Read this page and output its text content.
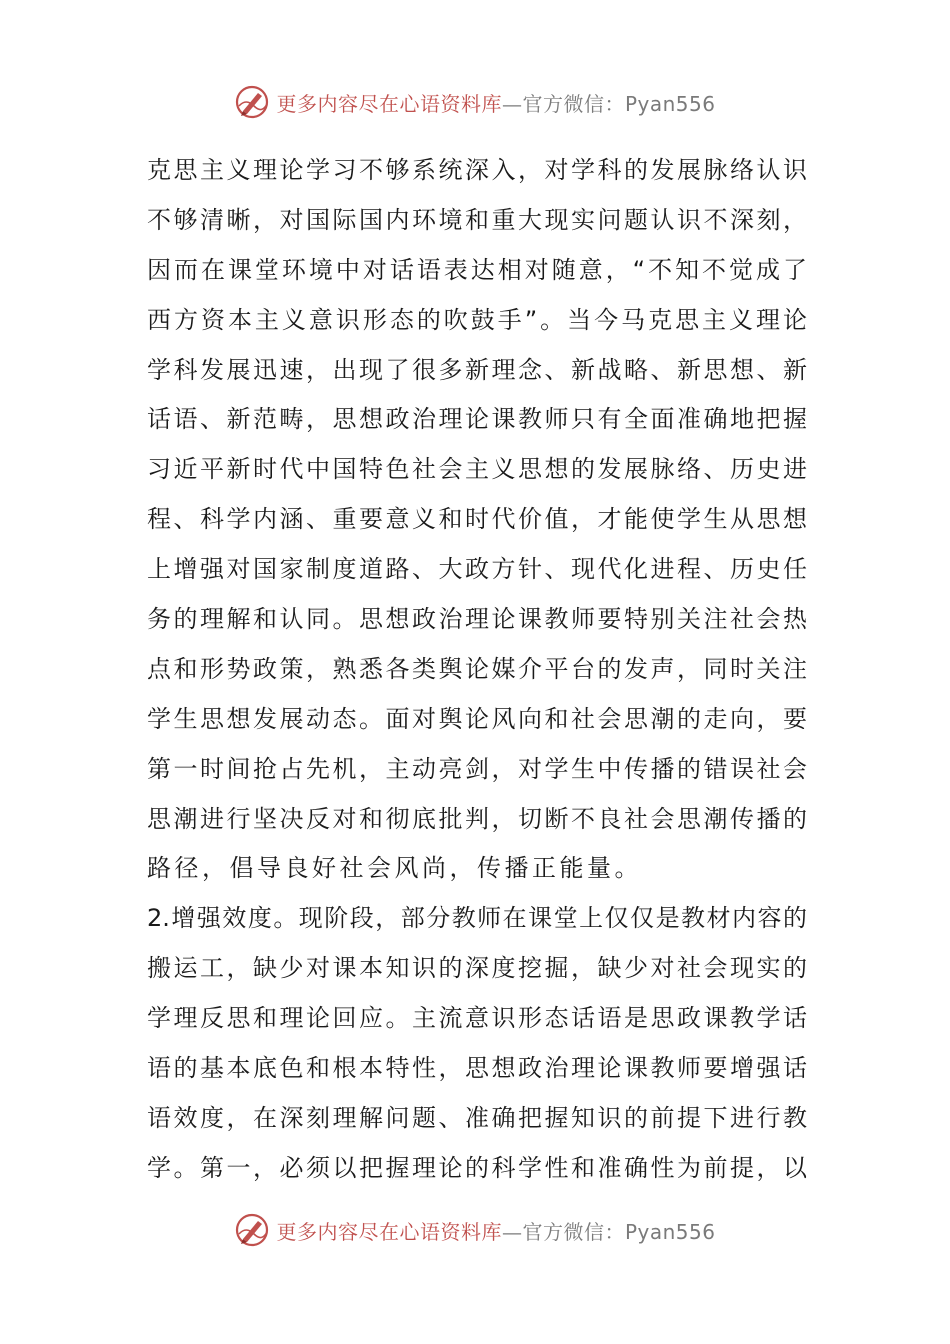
更多内容尽在心语资料库—官方微信：Pyan556
克思主义理论学习不够系统深入，对学科的发展脉络认识
不够清晰，对国际国内环境和重大现实问题认识不深刻，
因而在课堂环境中对话语表达相对随意，“不知不觉成了
西方资本主义意识形态的吹鼓手”。当今马克思主义理论
学科发展迅速，出现了很多新理念、新战略、新思想、新
话语、新范畴，思想政治理论课教师只有全面准确地把握
习近平新时代中国特色社会主义思想的发展脉络、历史进
程、科学内涵、重要意义和时代价值，才能使学生从思想
上增强对国家制度道路、大政方针、现代化进程、历史任
务的理解和认同。思想政治理论课教师要特别关注社会热
点和形势政策，熟悉各类舆论媒介平台的发声，同时关注
学生思想发展动态。面对舆论风向和社会思潮的走向，要
第一时间抢占先机，主动亮剑，对学生中传播的错误社会
思潮进行坚决反对和彻底批判，切断不良社会思潮传播的
路径，倡导良好社会风尚，传播正能量。
2.增强效度。现阶段，部分教师在课堂上仅仅是教材内容的
搬运工，缺少对课本知识的深度挖掘，缺少对社会现实的
学理反思和理论回应。主流意识形态话语是思政课教学话
语的基本底色和根本特性，思想政治理论课教师要增强话
语效度，在深刻理解问题、准确把握知识的前提下进行教
学。第一，必须以把握理论的科学性和准确性为前提，以
更多内容尽在心语资料库—官方微信：Pyan556
